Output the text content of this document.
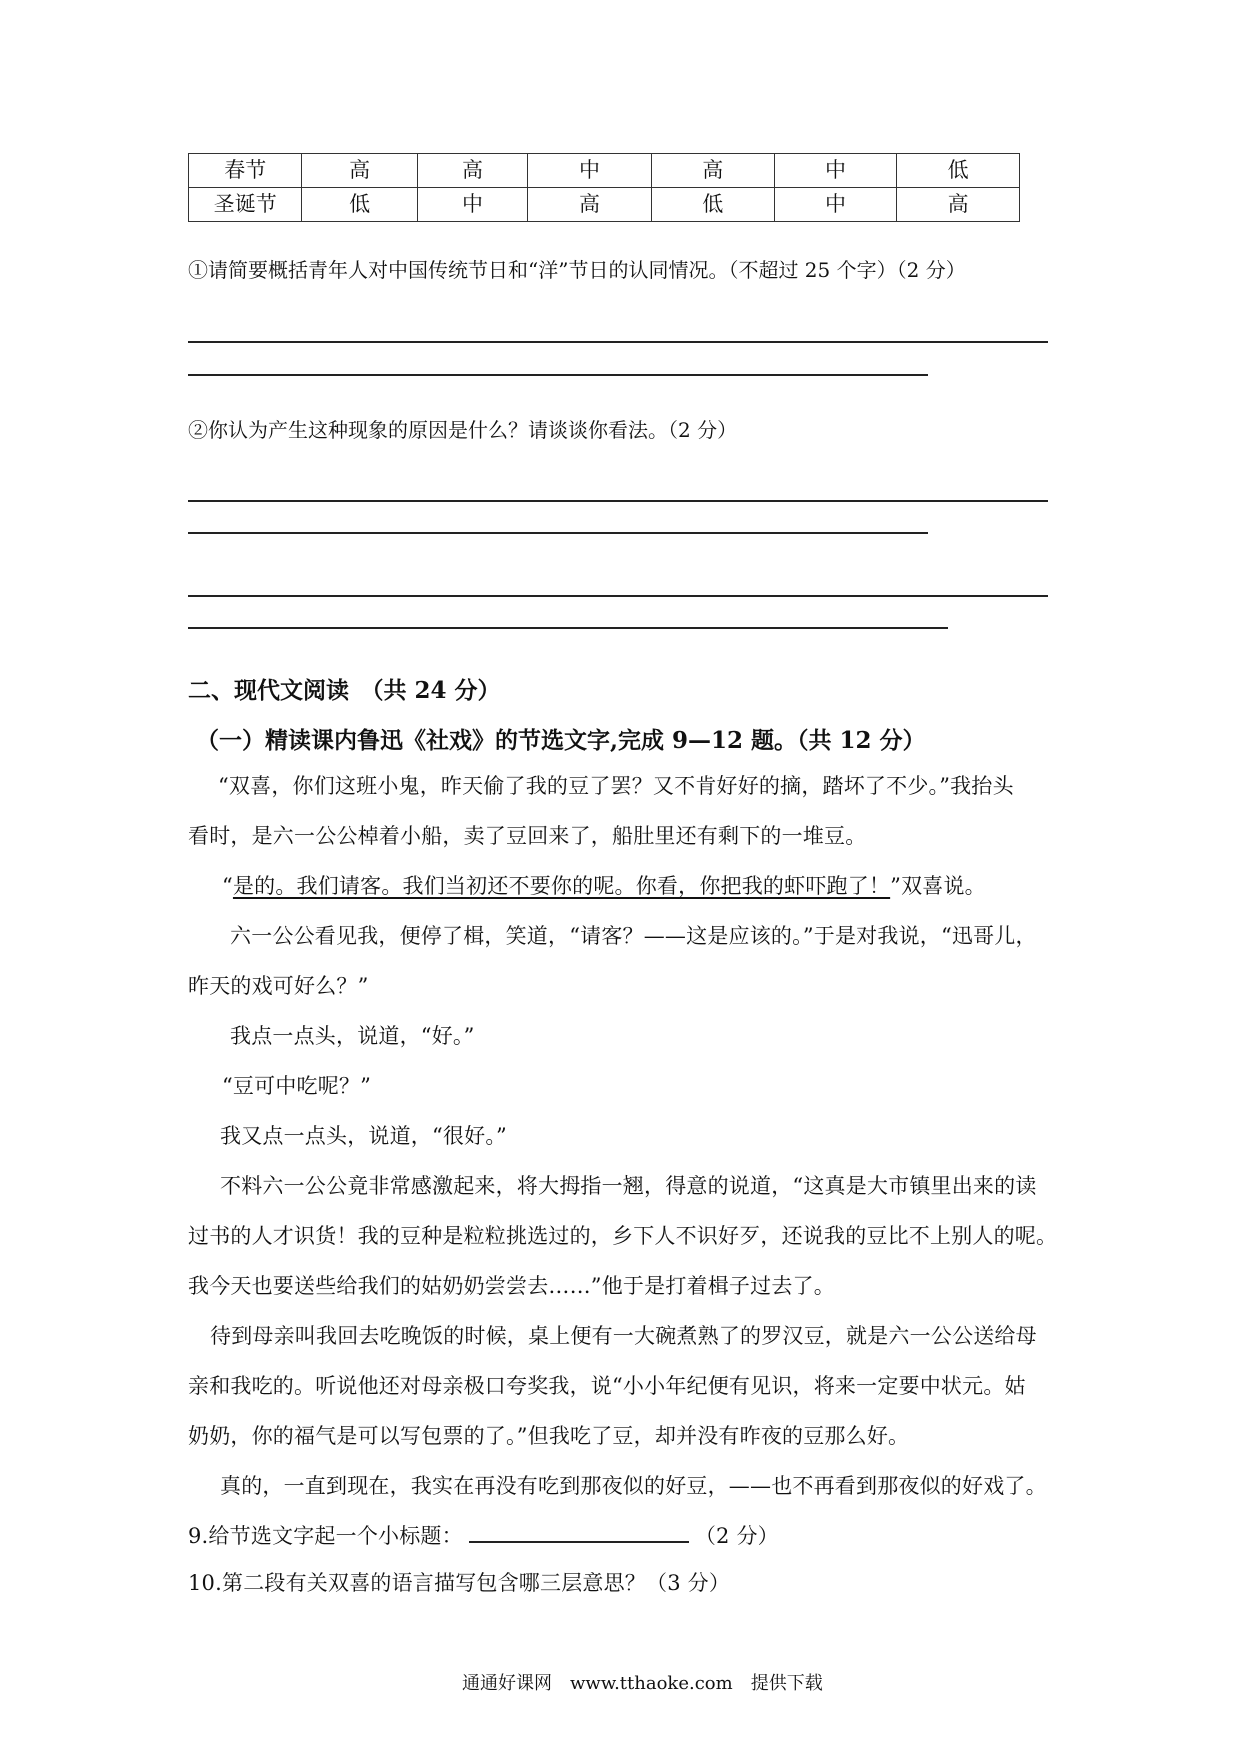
春节	高	高	中	高	中	低
圣诞节	低	中	高	低	中	高
①请简要概括青年人对中国传统节日和“洋”节日的认同情况。（不超过 25 个字）（2 分）
②你认为产生这种现象的原因是什么？请谈谈你看法。（2 分）
二、现代文阅读　（共 24 分）
（一）精读课内鲁迅《社戏》的节选文字,完成 9—12 题。（共 12 分）
“双喜，你们这班小鬼，昨天偷了我的豆了罢？又不肯好好的摘，踏坏了不少。”我抬头
看时，是六一公公棹着小船，卖了豆回来了，船肚里还有剩下的一堆豆。
“是的。我们请客。我们当初还不要你的呢。你看，你把我的虾吓跑了！”双喜说。
六一公公看见我，便停了楫，笑道，“请客？——这是应该的。”于是对我说，“迅哥儿，
昨天的戏可好么？”
我点一点头，说道，“好。”
“豆可中吃呢？”
我又点一点头，说道，“很好。”
不料六一公公竟非常感激起来，将大拇指一翘，得意的说道，“这真是大市镇里出来的读
过书的人才识货！我的豆种是粒粒挑选过的，乡下人不识好歹，还说我的豆比不上别人的呢。
我今天也要送些给我们的姑奶奶尝尝去……”他于是打着楫子过去了。
待到母亲叫我回去吃晚饭的时候，桌上便有一大碗煮熟了的罗汉豆，就是六一公公送给母
亲和我吃的。听说他还对母亲极口夸奖我，说“小小年纪便有见识，将来一定要中状元。姑
奶奶，你的福气是可以写包票的了。”但我吃了豆，却并没有昨夜的豆那么好。
真的，一直到现在，我实在再没有吃到那夜似的好豆，——也不再看到那夜似的好戏了。
9.给节选文字起一个小标题：	（2 分）
10.第二段有关双喜的语言描写包含哪三层意思？（3 分）
通通好课网　www.tthaoke.com　提供下载
